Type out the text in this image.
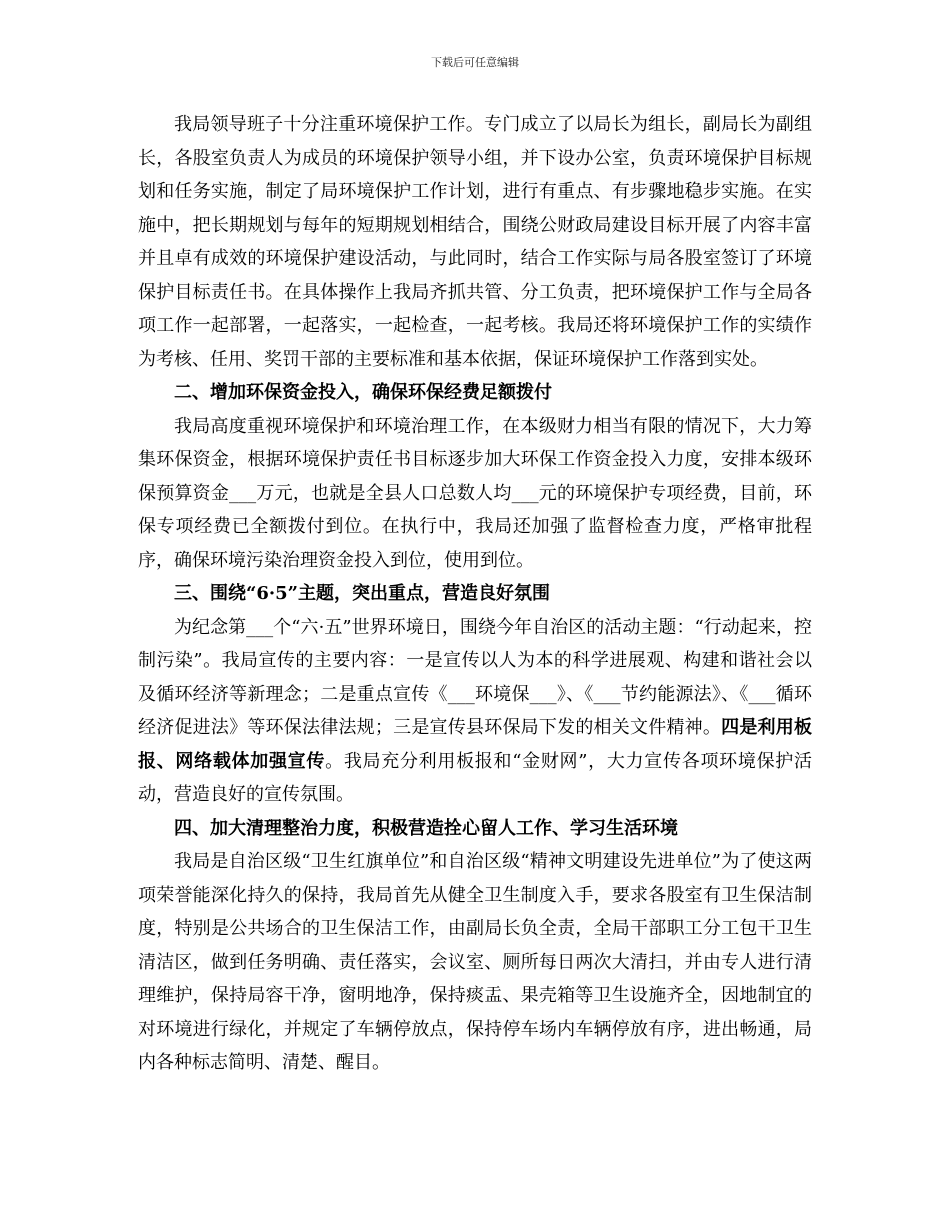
下载后可任意编辑

我局领导班子十分注重环境保护工作。专门成立了以局长为组长，副局长为副组长，各股室负责人为成员的环境保护领导小组，并下设办公室，负责环境保护目标规划和任务实施，制定了局环境保护工作计划，进行有重点、有步骤地稳步实施。在实施中，把长期规划与每年的短期规划相结合，围绕公财政局建设目标开展了内容丰富并且卓有成效的环境保护建设活动，与此同时，结合工作实际与局各股室签订了环境保护目标责任书。在具体操作上我局齐抓共管、分工负责，把环境保护工作与全局各项工作一起部署，一起落实，一起检查，一起考核。我局还将环境保护工作的实绩作为考核、任用、奖罚干部的主要标准和基本依据，保证环境保护工作落到实处。

二、增加环保资金投入，确保环保经费足额拨付

我局高度重视环境保护和环境治理工作，在本级财力相当有限的情况下，大力筹集环保资金，根据环境保护责任书目标逐步加大环保工作资金投入力度，安排本级环保预算资金___万元，也就是全县人口总数人均___元的环境保护专项经费，目前，环保专项经费已全额拨付到位。在执行中，我局还加强了监督检查力度，严格审批程序，确保环境污染治理资金投入到位，使用到位。

三、围绕“6·5”主题，突出重点，营造良好氛围

为纪念第___个“六·五”世界环境日，围绕今年自治区的活动主题：“行动起来，控制污染”。我局宣传的主要内容：一是宣传以人为本的科学进展观、构建和谐社会以及循环经济等新理念；二是重点宣传《___环境保___》、《___节约能源法》、《___循环经济促进法》等环保法律法规；三是宣传县环保局下发的相关文件精神。四是利用板报、网络载体加强宣传。我局充分利用板报和“金财网”，大力宣传各项环境保护活动，营造良好的宣传氛围。

四、加大清理整治力度，积极营造拴心留人工作、学习生活环境

我局是自治区级“卫生红旗单位”和自治区级“精神文明建设先进单位”为了使这两项荣誉能深化持久的保持，我局首先从健全卫生制度入手，要求各股室有卫生保洁制度，特别是公共场合的卫生保洁工作，由副局长负全责，全局干部职工分工包干卫生清洁区，做到任务明确、责任落实，会议室、厕所每日两次大清扫，并由专人进行清理维护，保持局容干净，窗明地净，保持痰盂、果壳箱等卫生设施齐全，因地制宜的对环境进行绿化，并规定了车辆停放点，保持停车场内车辆停放有序，进出畅通，局内各种标志简明、清楚、醒目。
